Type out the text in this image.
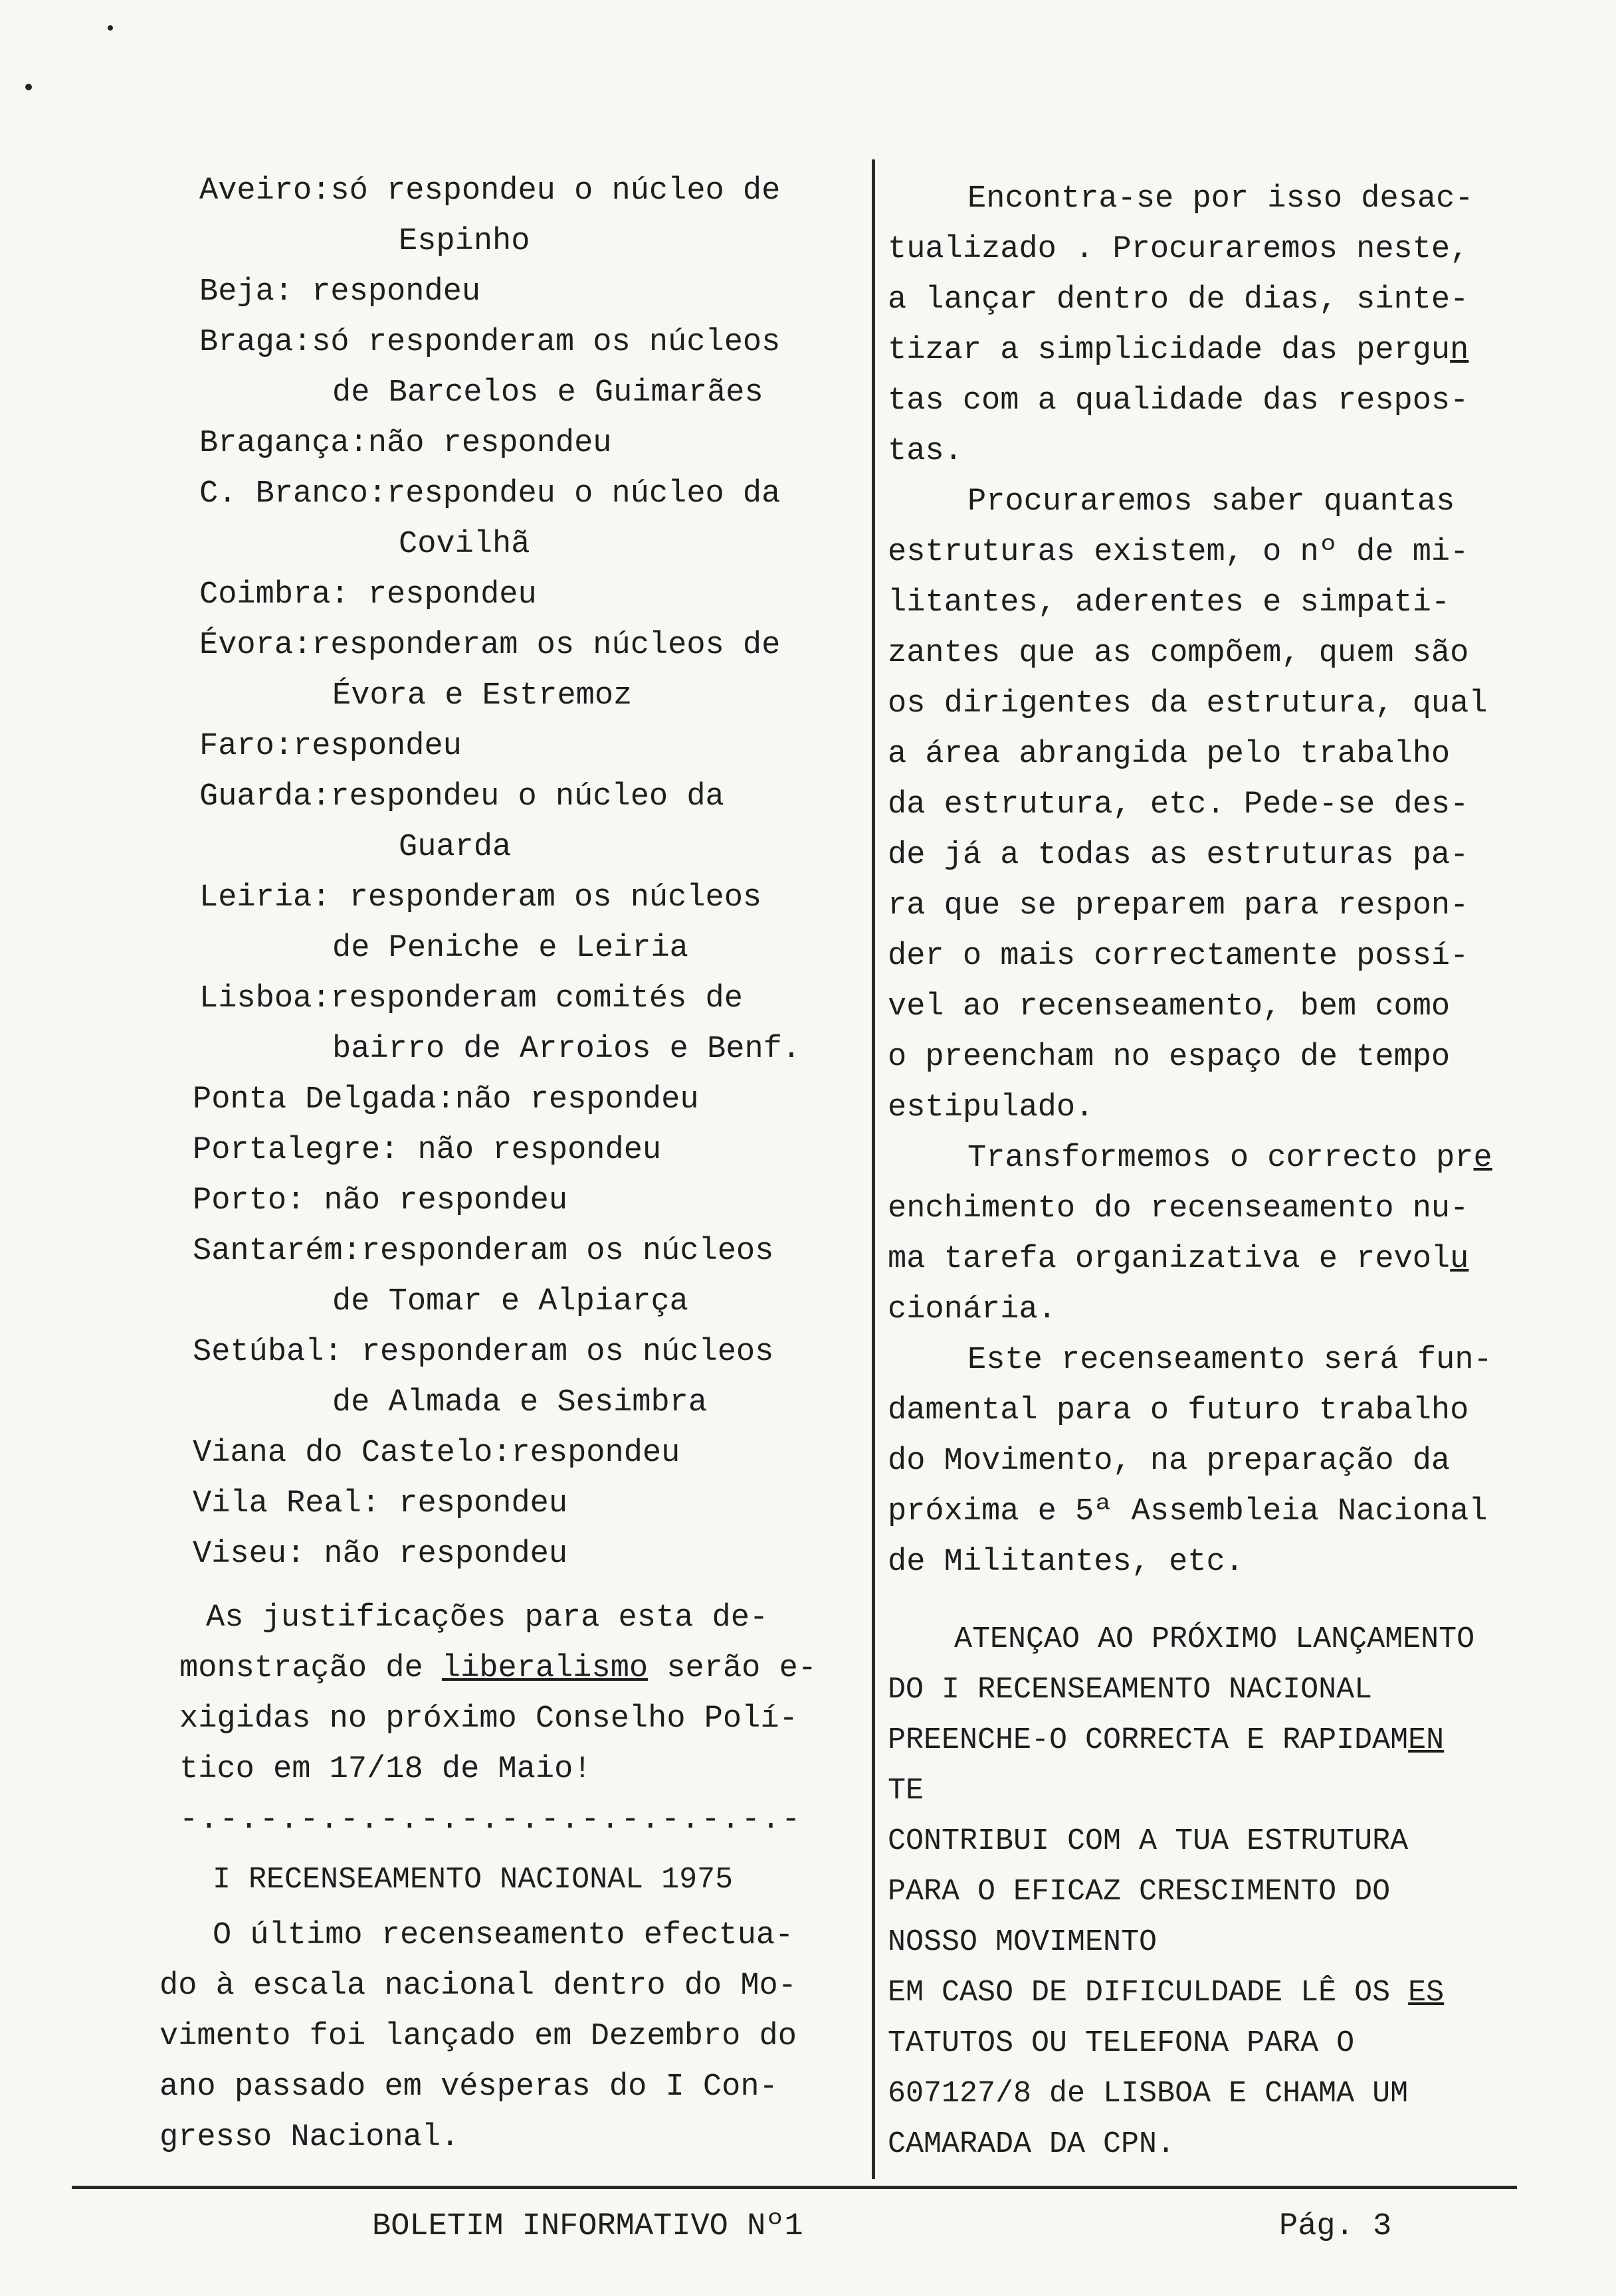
Aveiro:só respondeu o núcleo de
Espinho
Beja: respondeu
Braga:só responderam os núcleos
de Barcelos e Guimarães
Bragança:não respondeu
C. Branco:respondeu o núcleo da
Covilhã
Coimbra: respondeu
Évora:responderam os núcleos de
Évora e Estremoz
Faro:respondeu
Guarda:respondeu o núcleo da
Guarda
Leiria: responderam os núcleos
de Peniche e Leiria
Lisboa:responderam comités de
bairro de Arroios e Benf.
Ponta Delgada:não respondeu
Portalegre: não respondeu
Porto: não respondeu
Santarém:responderam os núcleos
de Tomar e Alpiarça
Setúbal: responderam os núcleos
de Almada e Sesimbra
Viana do Castelo:respondeu
Vila Real: respondeu
Viseu: não respondeu
As justificações para esta de-
monstração de liberalismo serão e-
xigidas no próximo Conselho Polí-
tico em 17/18 de Maio!
-.-.-.-.-.-.-.-.-.-.-.-.-.-.-.-
I RECENSEAMENTO NACIONAL 1975
O último recenseamento efectua-
do à escala nacional dentro do Mo-
vimento foi lançado em Dezembro do
ano passado em vésperas do I Con-
gresso Nacional.
Encontra-se por isso desac-
tualizado . Procuraremos neste,
a lançar dentro de dias, sinte-
tizar a simplicidade das pergun
tas com a qualidade das respos-
tas.
Procuraremos saber quantas
estruturas existem, o nº de mi-
litantes, aderentes e simpati-
zantes que as compõem, quem são
os dirigentes da estrutura, qual
a área abrangida pelo trabalho
da estrutura, etc. Pede-se des-
de já a todas as estruturas pa-
ra que se preparem para respon-
der o mais correctamente possí-
vel ao recenseamento, bem como
o preencham no espaço de tempo
estipulado.
Transformemos o correcto pre
enchimento do recenseamento nu-
ma tarefa organizativa e revolu
cionária.
Este recenseamento será fun-
damental para o futuro trabalho
do Movimento, na preparação da
próxima e 5ª Assembleia Nacional
de Militantes, etc.
ATENÇAO AO PRÓXIMO LANÇAMENTO
DO I RECENSEAMENTO NACIONAL
PREENCHE-O CORRECTA E RAPIDAMEN
TE
CONTRIBUI COM A TUA ESTRUTURA
PARA O EFICAZ CRESCIMENTO DO
NOSSO MOVIMENTO
EM CASO DE DIFICULDADE LÊ OS ES
TATUTOS OU TELEFONA PARA O
607127/8 de LISBOA E CHAMA UM
CAMARADA DA CPN.
BOLETIM INFORMATIVO Nº1	Pág. 3
